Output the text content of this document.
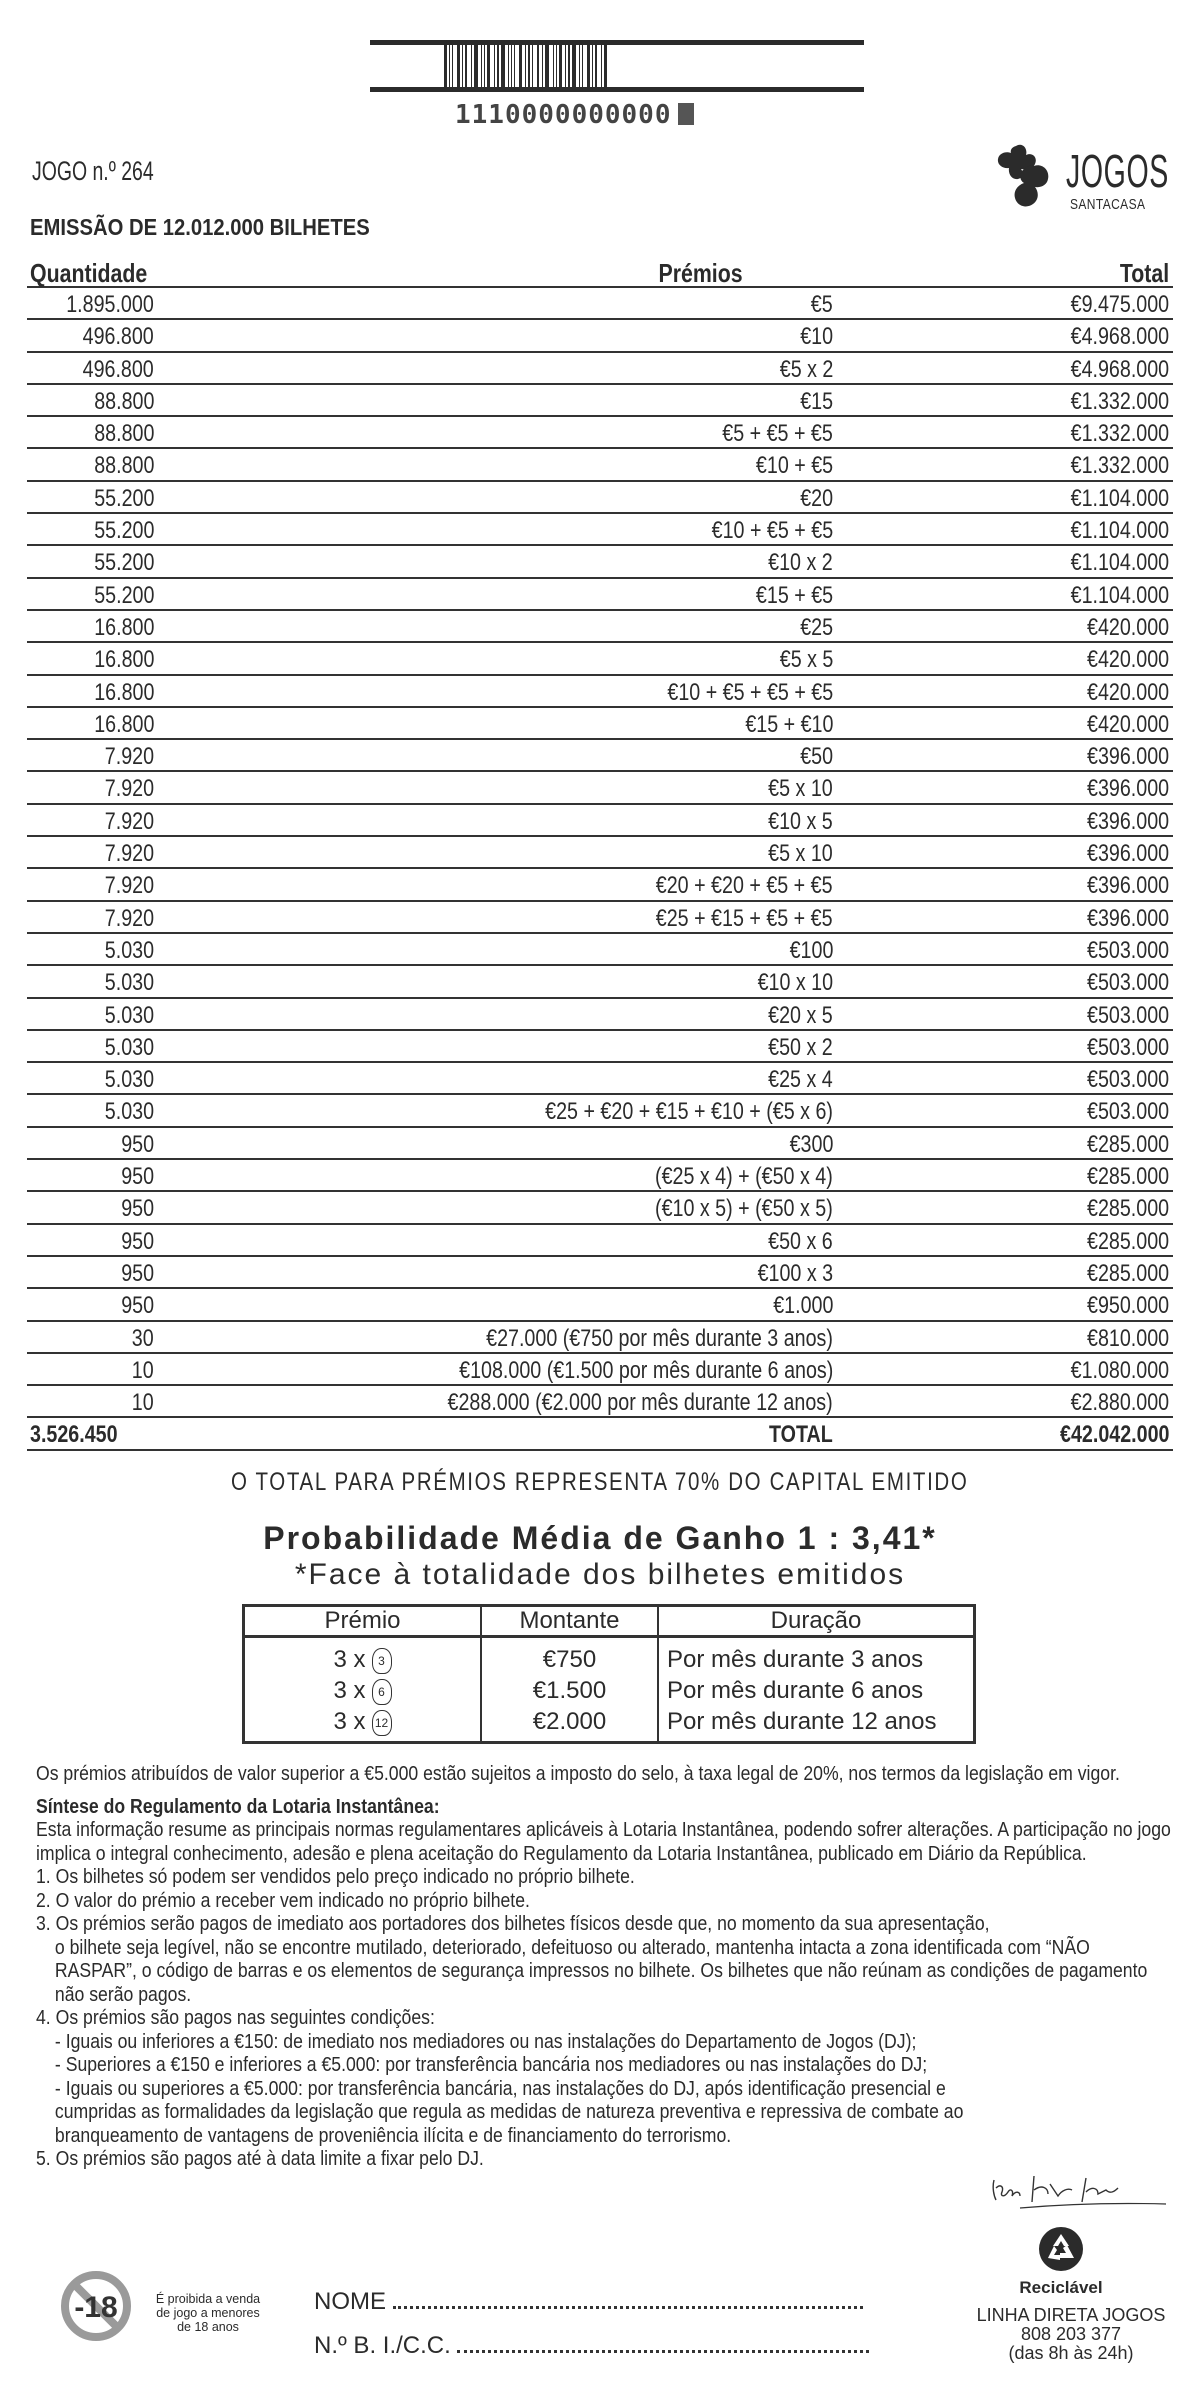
1110000000000
JOGO n.º 264
EMISSÃO DE 12.012.000 BILHETES
JOGOS
SANTACASA
Quantidade	Prémios	Total
1.895.000	€5	€9.475.000
496.800	€10	€4.968.000
496.800	€5 x 2	€4.968.000
88.800	€15	€1.332.000
88.800	€5 + €5 + €5	€1.332.000
88.800	€10 + €5	€1.332.000
55.200	€20	€1.104.000
55.200	€10 + €5 + €5	€1.104.000
55.200	€10 x 2	€1.104.000
55.200	€15 + €5	€1.104.000
16.800	€25	€420.000
16.800	€5 x 5	€420.000
16.800	€10 + €5 + €5 + €5	€420.000
16.800	€15 + €10	€420.000
7.920	€50	€396.000
7.920	€5 x 10	€396.000
7.920	€10 x 5	€396.000
7.920	€5 x 10	€396.000
7.920	€20 + €20 + €5 + €5	€396.000
7.920	€25 + €15 + €5 + €5	€396.000
5.030	€100	€503.000
5.030	€10 x 10	€503.000
5.030	€20 x 5	€503.000
5.030	€50 x 2	€503.000
5.030	€25 x 4	€503.000
5.030	€25 + €20 + €15 + €10 + (€5 x 6)	€503.000
950	€300	€285.000
950	(€25 x 4) + (€50 x 4)	€285.000
950	(€10 x 5) + (€50 x 5)	€285.000
950	€50 x 6	€285.000
950	€100 x 3	€285.000
950	€1.000	€950.000
30	€27.000 (€750 por mês durante 3 anos)	€810.000
10	€108.000 (€1.500 por mês durante 6 anos)	€1.080.000
10	€288.000 (€2.000 por mês durante 12 anos)	€2.880.000
3.526.450	TOTAL	€42.042.000
O TOTAL PARA PRÉMIOS REPRESENTA 70% DO CAPITAL EMITIDO
Probabilidade Média de Ganho 1 : 3,41*
*Face à totalidade dos bilhetes emitidos
Prémio	Montante	Duração
3 x 3	€750	Por mês durante 3 anos
3 x 6	€1.500	Por mês durante 6 anos
3 x 12	€2.000	Por mês durante 12 anos

Os prémios atribuídos de valor superior a €5.000 estão sujeitos a imposto do selo, à taxa legal de 20%, nos termos da legislação em vigor.

Síntese do Regulamento da Lotaria Instantânea:

Esta informação resume as principais normas regulamentares aplicáveis à Lotaria Instantânea, podendo sofrer alterações. A participação no jogo implica o integral conhecimento, adesão e plena aceitação do Regulamento da Lotaria Instantânea, publicado em Diário da República.

1. Os bilhetes só podem ser vendidos pelo preço indicado no próprio bilhete.

2. O valor do prémio a receber vem indicado no próprio bilhete.

3. Os prémios serão pagos de imediato aos portadores dos bilhetes físicos desde que, no momento da sua apresentação,

o bilhete seja legível, não se encontre mutilado, deteriorado, defeituoso ou alterado, mantenha intacta a zona identificada com “NÃO RASPAR”, o código de barras e os elementos de segurança impressos no bilhete. Os bilhetes que não reúnam as condições de pagamento não serão pagos.

4. Os prémios são pagos nas seguintes condições:

- Iguais ou inferiores a €150: de imediato nos mediadores ou nas instalações do Departamento de Jogos (DJ);

- Superiores a €150 e inferiores a €5.000: por transferência bancária nos mediadores ou nas instalações do DJ;

- Iguais ou superiores a €5.000: por transferência bancária, nas instalações do DJ, após identificação presencial e cumpridas as formalidades da legislação que regula as medidas de natureza preventiva e repressiva de combate ao branqueamento de vantagens de proveniência ilícita e de financiamento do terrorismo.

5. Os prémios são pagos até à data limite a fixar pelo DJ.

Reciclável
LINHA DIRETA JOGOS
808 203 377
(das 8h às 24h)
-18	É proibida a venda de jogo a menores de 18 anos
NOME
N.º B. I./C.C.
